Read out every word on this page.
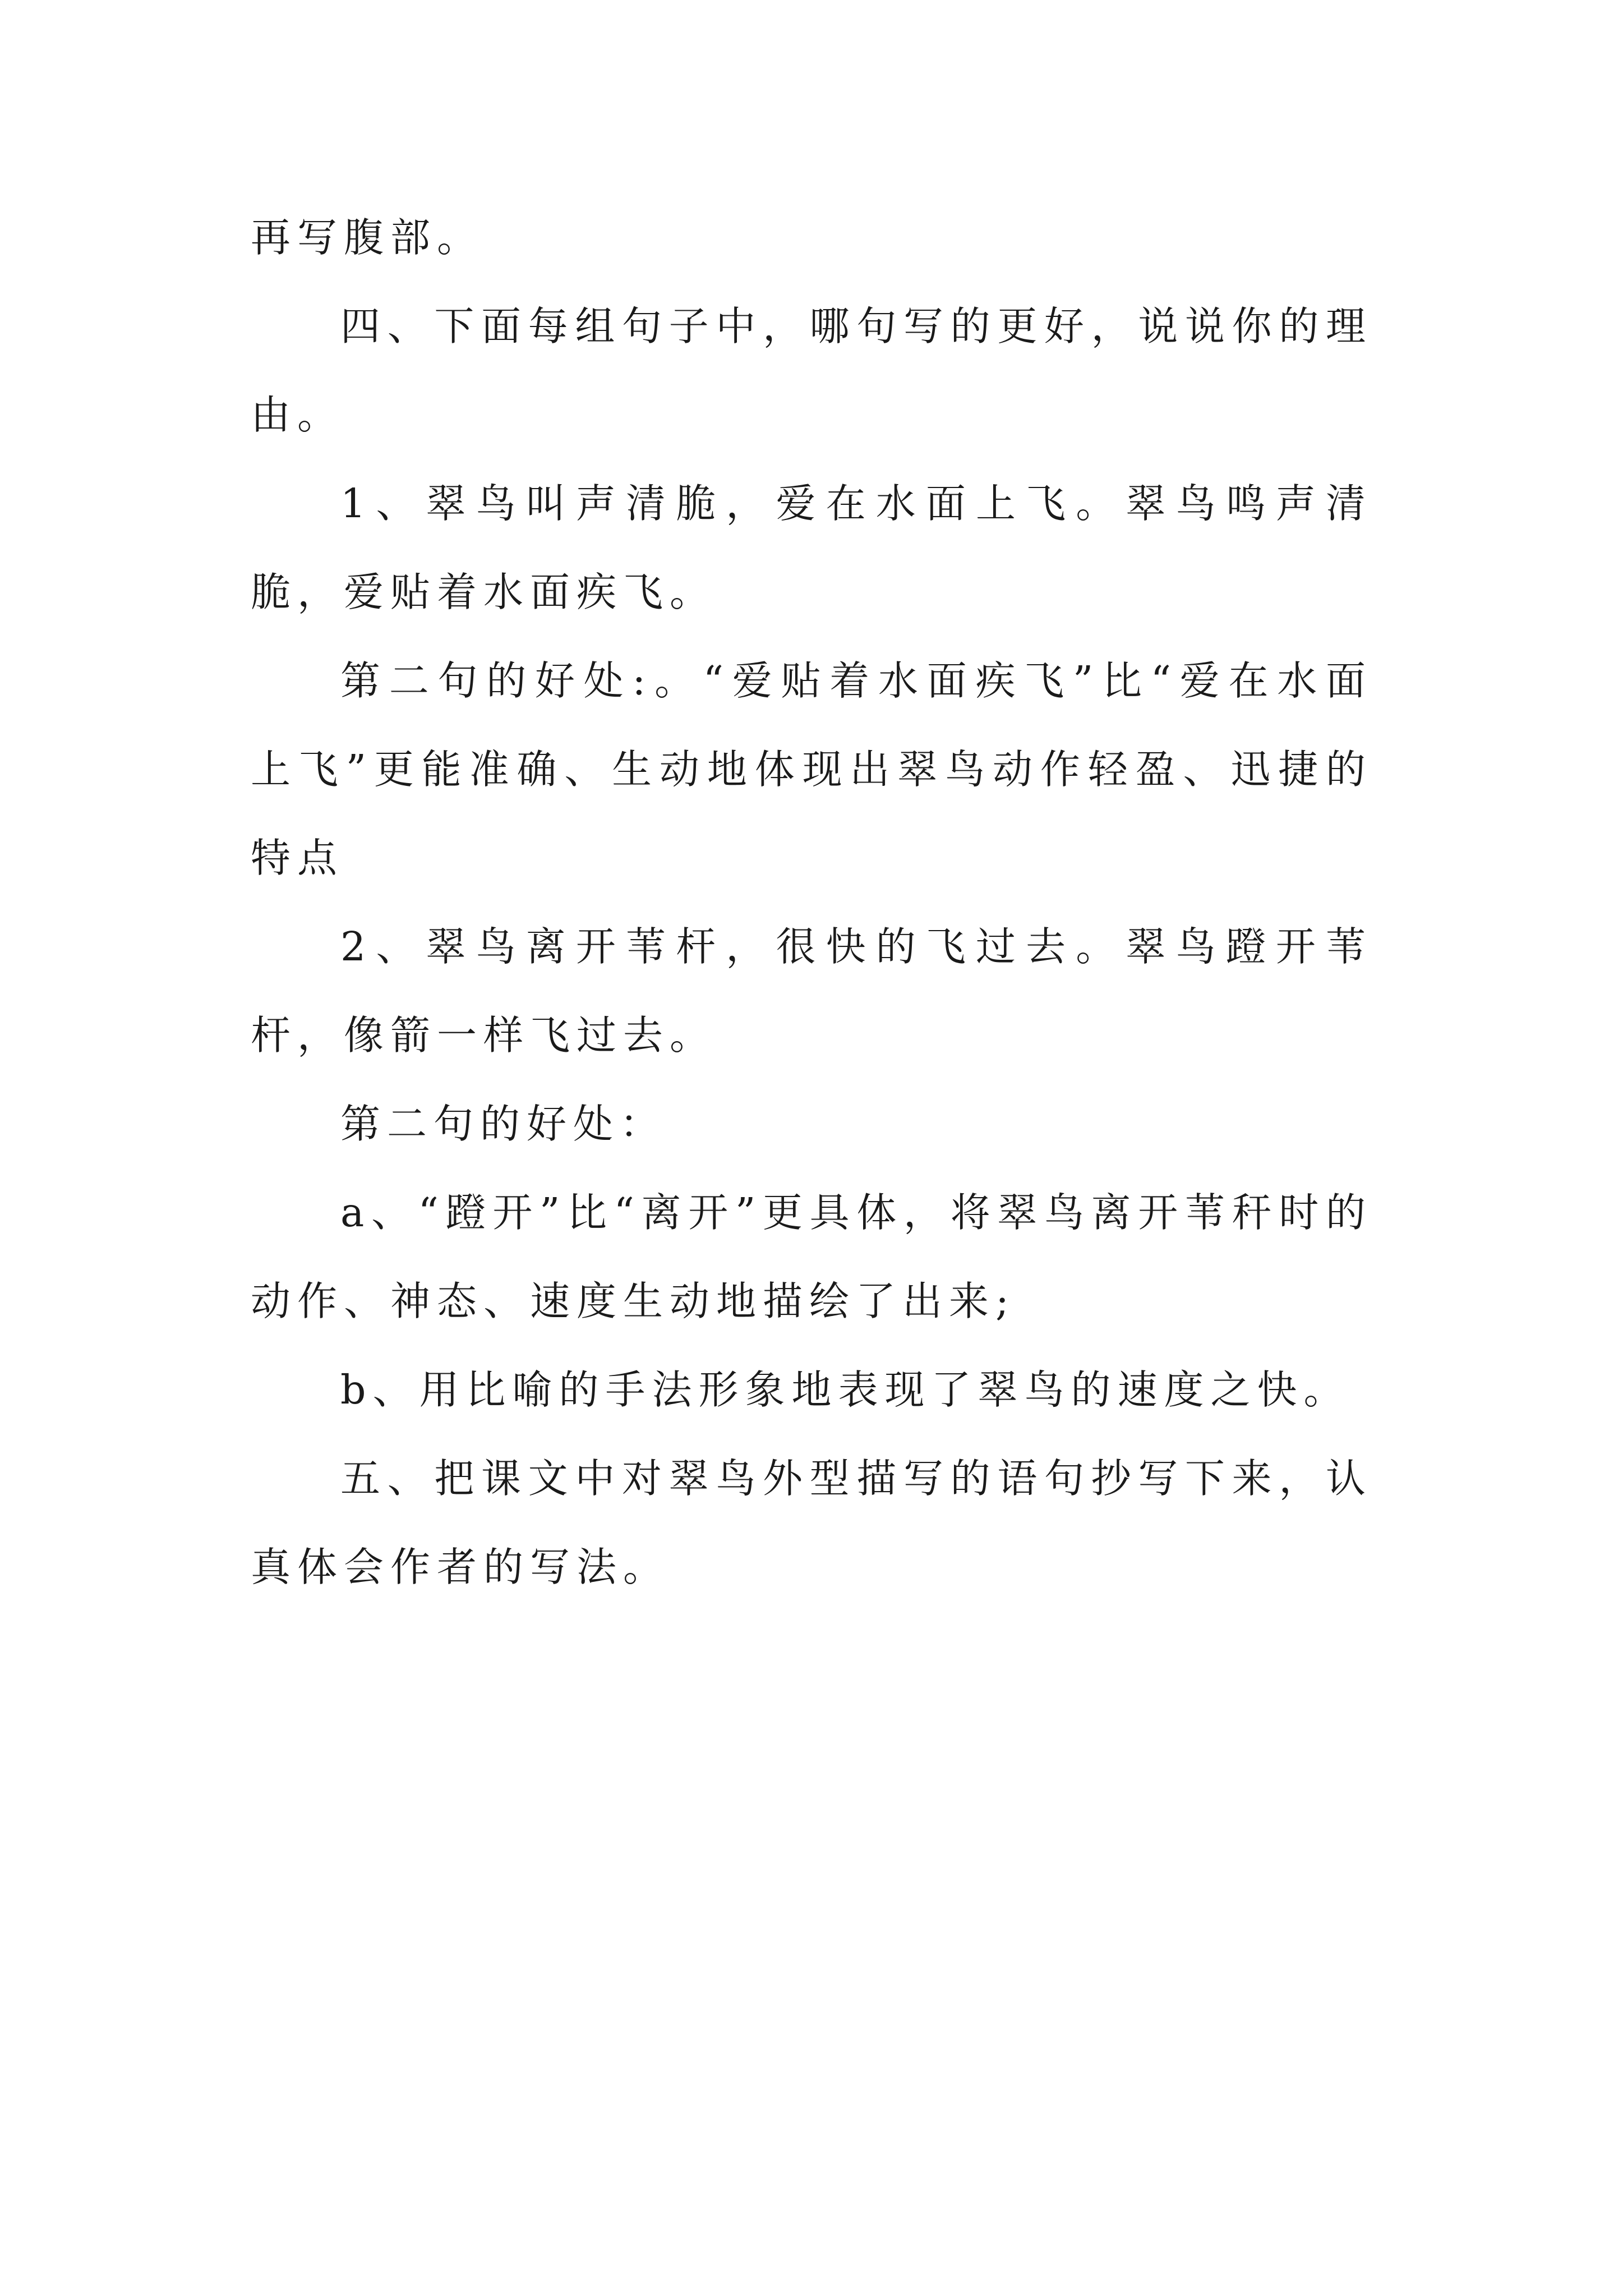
再写腹部。

四、下面每组句子中，哪句写的更好，说说你的理由。

1、翠鸟叫声清脆，爱在水面上飞。翠鸟鸣声清脆，爱贴着水面疾飞。

第二句的好处:。“爱贴着水面疾飞”比“爱在水面上飞”更能准确、生动地体现出翠鸟动作轻盈、迅捷的特点

2、翠鸟离开苇杆，很快的飞过去。翠鸟蹬开苇杆，像箭一样飞过去。

第二句的好处：

a、“蹬开”比“离开”更具体，将翠鸟离开苇秆时的动作、神态、速度生动地描绘了出来;

b、用比喻的手法形象地表现了翠鸟的速度之快。

五、把课文中对翠鸟外型描写的语句抄写下来，认真体会作者的写法。
